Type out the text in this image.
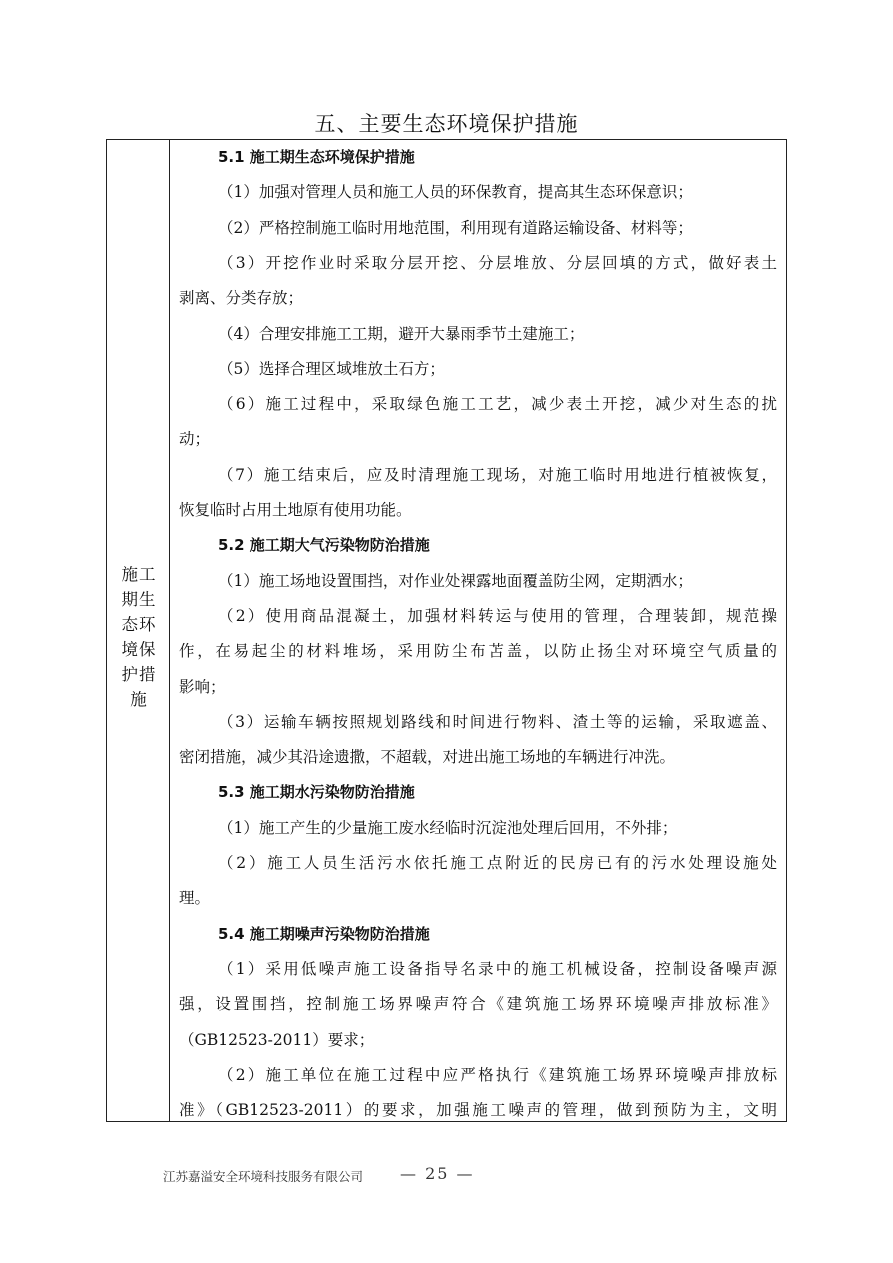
五、主要生态环境保护措施
施工期生态环境保护措施
5.1 施工期生态环境保护措施
（1）加强对管理人员和施工人员的环保教育，提高其生态环保意识；
（2）严格控制施工临时用地范围，利用现有道路运输设备、材料等；
（3）开挖作业时采取分层开挖、分层堆放、分层回填的方式，做好表土
剥离、分类存放；
（4）合理安排施工工期，避开大暴雨季节土建施工；
（5）选择合理区域堆放土石方；
（6）施工过程中，采取绿色施工工艺，减少表土开挖，减少对生态的扰
动；
（7）施工结束后，应及时清理施工现场，对施工临时用地进行植被恢复，
恢复临时占用土地原有使用功能。
5.2 施工期大气污染物防治措施
（1）施工场地设置围挡，对作业处裸露地面覆盖防尘网，定期洒水；
（2）使用商品混凝土，加强材料转运与使用的管理，合理装卸，规范操
作，在易起尘的材料堆场，采用防尘布苫盖，以防止扬尘对环境空气质量的
影响；
（3）运输车辆按照规划路线和时间进行物料、渣土等的运输，采取遮盖、
密闭措施，减少其沿途遗撒，不超载，对进出施工场地的车辆进行冲洗。
5.3 施工期水污染物防治措施
（1）施工产生的少量施工废水经临时沉淀池处理后回用，不外排；
（2）施工人员生活污水依托施工点附近的民房已有的污水处理设施处
理。
5.4 施工期噪声污染物防治措施
（1）采用低噪声施工设备指导名录中的施工机械设备，控制设备噪声源
强，设置围挡，控制施工场界噪声符合《建筑施工场界环境噪声排放标准》
（GB12523-2011）要求；
（2）施工单位在施工过程中应严格执行《建筑施工场界环境噪声排放标
准》（GB12523-2011）的要求，加强施工噪声的管理，做到预防为主，文明
江苏嘉溢安全环境科技服务有限公司 — 25 —
